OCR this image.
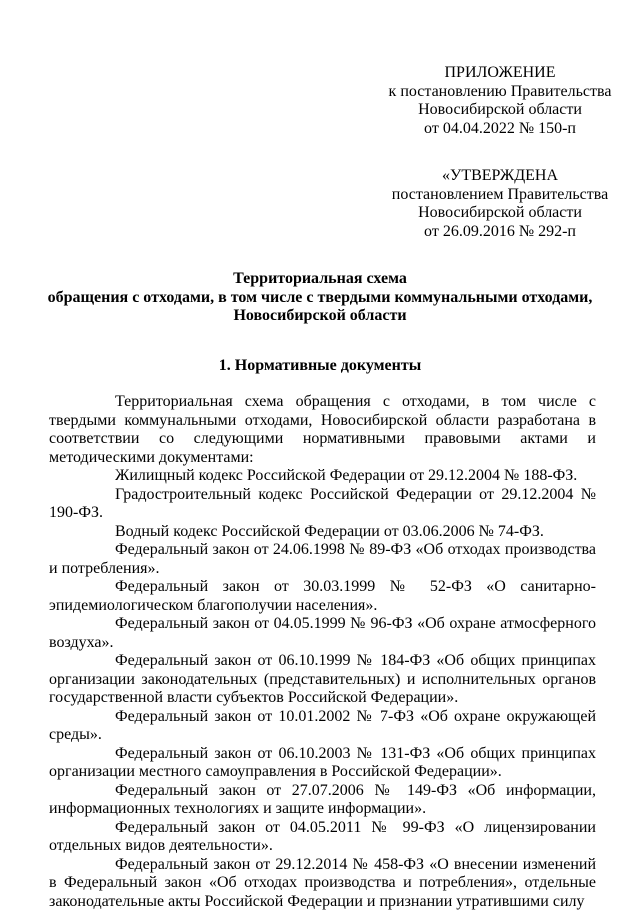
ПРИЛОЖЕНИЕ
к постановлению Правительства
Новосибирской области
от 04.04.2022 № 150-п
«УТВЕРЖДЕНА
постановлением Правительства
Новосибирской области
от 26.09.2016 № 292-п
Территориальная схема
обращения с отходами, в том числе с твердыми коммунальными отходами,
Новосибирской области
1. Нормативные документы

Территориальная схема обращения с отходами, в том числе с твердыми коммунальными отходами, Новосибирской области разработана в соответствии со следующими нормативными правовыми актами и методическими документами:

Жилищный кодекс Российской Федерации от 29.12.2004 № 188-ФЗ.

Градостроительный кодекс Российской Федерации от 29.12.2004 № 190-ФЗ.

Водный кодекс Российской Федерации от 03.06.2006 № 74-ФЗ.

Федеральный закон от 24.06.1998 № 89-ФЗ «Об отходах производства и потребления».

Федеральный закон от 30.03.1999 № 52-ФЗ «О санитарно-эпидемиологическом благополучии населения».

Федеральный закон от 04.05.1999 № 96-ФЗ «Об охране атмосферного воздуха».

Федеральный закон от 06.10.1999 № 184-ФЗ «Об общих принципах организации законодательных (представительных) и исполнительных органов государственной власти субъектов Российской Федерации».

Федеральный закон от 10.01.2002 № 7-ФЗ «Об охране окружающей среды».

Федеральный закон от 06.10.2003 № 131-ФЗ «Об общих принципах организации местного самоуправления в Российской Федерации».

Федеральный закон от 27.07.2006 № 149-ФЗ «Об информации, информационных технологиях и защите информации».

Федеральный закон от 04.05.2011 № 99-ФЗ «О лицензировании отдельных видов деятельности».

Федеральный закон от 29.12.2014 № 458-ФЗ «О внесении изменений в Федеральный закон «Об отходах производства и потребления», отдельные законодательные акты Российской Федерации и признании утратившими силу
